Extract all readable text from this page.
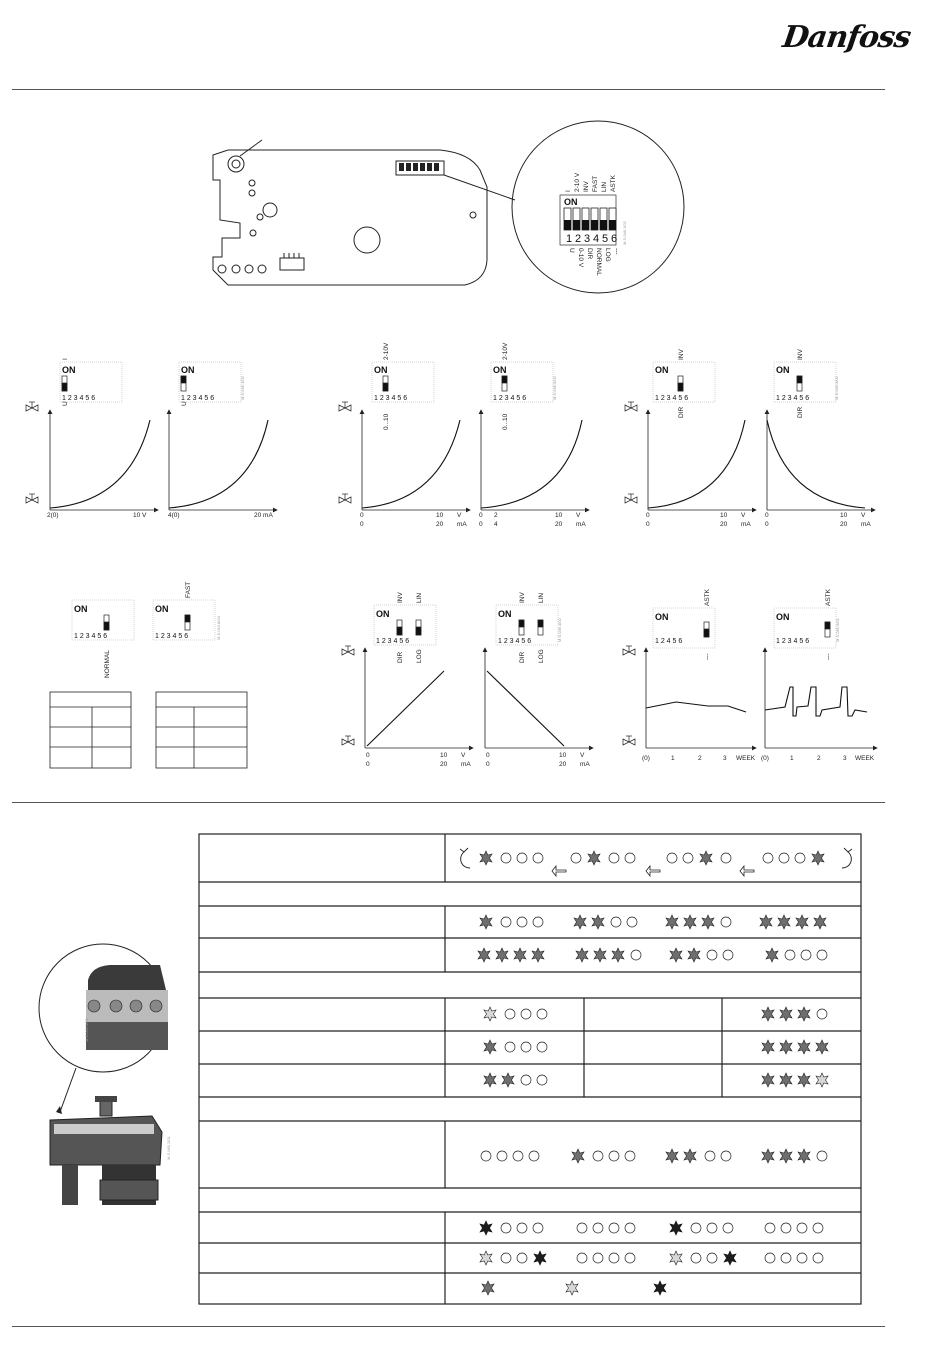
Danfoss
ON
1 2 3 4 5 6
I 2-10 V INV FAST LIN ASTK
U 0-10 V DIR NORMAL LOG ---
M.S.048.1/02
ON	ON	ON	ON	ON	ON
1 2 3 4 5 6	1 2 3 4 5 6	1 2 3 4 5 6	1 2 3 4 5 6	1 2 3 4 5 6	1 2 3 4 5 6
I
U	U
2-10V
0...10
2-10V
0...10
INV
DIR
INV
DIR
M.S.046.1/02	M.S.046.5/02	M.S.046.3/02
2(0)	10 V	4(0)	20 mA	0	10 V
0	20 mA
0 2	10 V
0 4	20 mA
0	10 V
0	20 mA
0	10 V
0	20 mA
ON	ON	ON	ON	ON	ON
1 2 3 4 5 6	1 2 3 4 5 6
1 2 3 4 5 6	1 2 3 4 5 6	1 2 4 5 6	1 2 3 4 5 6
FAST
NORMAL
INV LIN
DIR LOG
INV LIN
DIR LOG
ASTK	ASTK
---	---
M.S.010.8/04	M.S.046.4/02	M.S.065.9/01
0	10 V
0	20 mA
0	10 V
0	20 mA
(0)	1	2	3 WEEK (0)	1	2	3 WEEK
M.S.065.3/01
M.S.065.2/01
